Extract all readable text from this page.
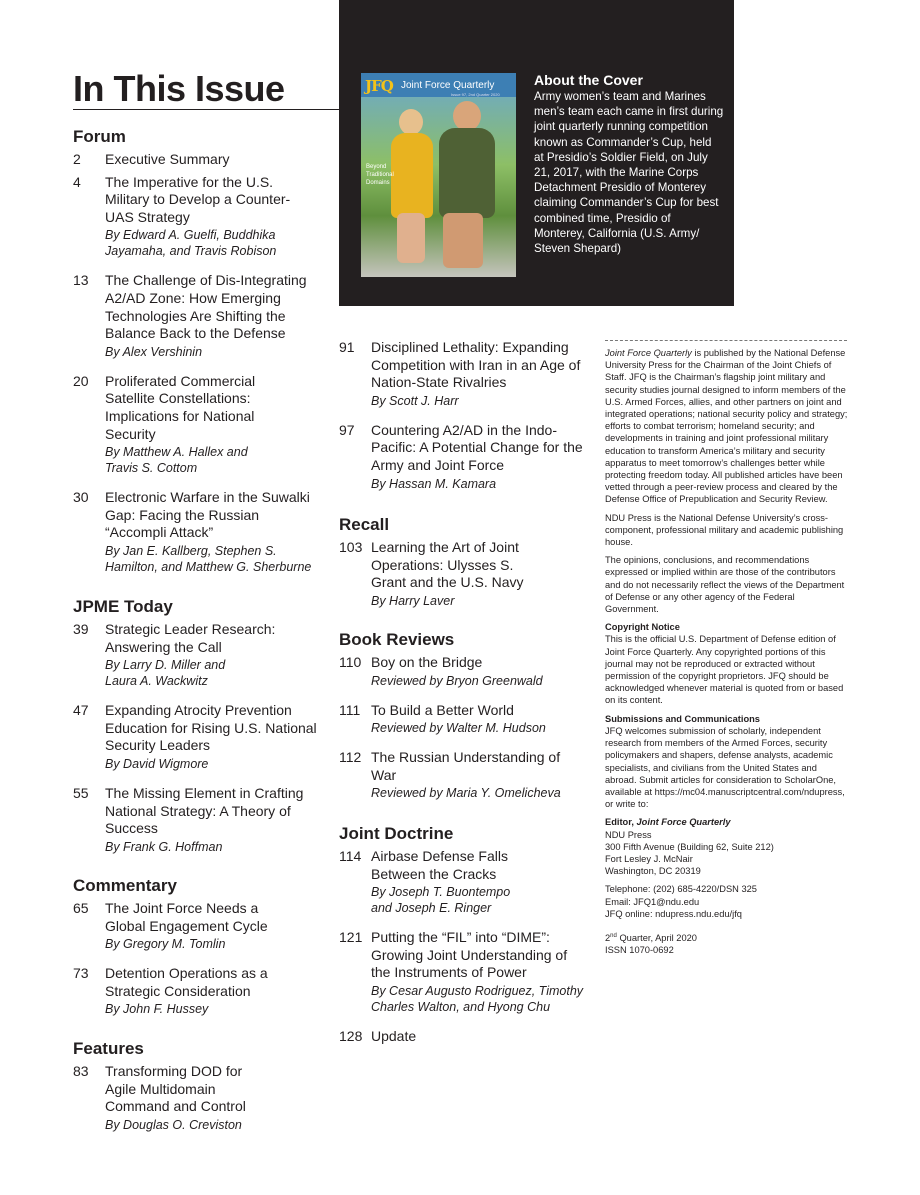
JFQ Joint Force Quarterly
Issue 97, 2nd Quarter 2020
Beyond Traditional Domains
About the Cover
Army women’s team and Marines men’s team each came in first during joint quarterly running competition known as Commander’s Cup, held at Presidio’s Soldier Field, on July 21, 2017, with the Marine Corps Detachment Presidio of Monterey claiming Commander’s Cup for best combined time, Presidio of Monterey, California (U.S. Army/ Steven Shepard)
In This Issue
Forum
2	Executive Summary
4	The Imperative for the U.S. Military to Develop a Counter-UAS Strategy
By Edward A. Guelfi, Buddhika Jayamaha, and Travis Robison
13	The Challenge of Dis-Integrating A2/AD Zone: How Emerging Technologies Are Shifting the Balance Back to the Defense
By Alex Vershinin
20	Proliferated Commercial Satellite Constellations: Implications for National Security
By Matthew A. Hallex and Travis S. Cottom
30	Electronic Warfare in the Suwalki Gap: Facing the Russian “Accompli Attack”
By Jan E. Kallberg, Stephen S. Hamilton, and Matthew G. Sherburne
JPME Today
39	Strategic Leader Research: Answering the Call
By Larry D. Miller and Laura A. Wackwitz
47	Expanding Atrocity Prevention Education for Rising U.S. National Security Leaders
By David Wigmore
55	The Missing Element in Crafting National Strategy: A Theory of Success
By Frank G. Hoffman
Commentary
65	The Joint Force Needs a Global Engagement Cycle
By Gregory M. Tomlin
73	Detention Operations as a Strategic Consideration
By John F. Hussey
Features
83	Transforming DOD for Agile Multidomain Command and Control
By Douglas O. Creviston
91	Disciplined Lethality: Expanding Competition with Iran in an Age of Nation-State Rivalries
By Scott J. Harr
97	Countering A2/AD in the Indo-Pacific: A Potential Change for the Army and Joint Force
By Hassan M. Kamara
Recall
103 Learning the Art of Joint Operations: Ulysses S. Grant and the U.S. Navy
By Harry Laver
Book Reviews
110 Boy on the Bridge
Reviewed by Bryon Greenwald
111 To Build a Better World
Reviewed by Walter M. Hudson
112 The Russian Understanding of War
Reviewed by Maria Y. Omelicheva
Joint Doctrine
114 Airbase Defense Falls Between the Cracks
By Joseph T. Buontempo and Joseph E. Ringer
121 Putting the “FIL” into “DIME”: Growing Joint Understanding of the Instruments of Power
By Cesar Augusto Rodriguez, Timothy Charles Walton, and Hyong Chu
128 Update

Joint Force Quarterly is published by the National Defense University Press for the Chairman of the Joint Chiefs of Staff. JFQ is the Chairman’s flagship joint military and security studies journal designed to inform members of the U.S. Armed Forces, allies, and other partners on joint and integrated operations; national security policy and strategy; efforts to combat terrorism; homeland security; and developments in training and joint professional military education to transform America’s military and security apparatus to meet tomorrow’s challenges better while protecting freedom today. All published articles have been vetted through a peer-review process and cleared by the Defense Office of Prepublication and Security Review.

NDU Press is the National Defense University’s cross-component, professional military and academic publishing house.

The opinions, conclusions, and recommendations expressed or implied within are those of the contributors and do not necessarily reflect the views of the Department of Defense or any other agency of the Federal Government.

Copyright Notice

This is the official U.S. Department of Defense edition of Joint Force Quarterly. Any copyrighted portions of this journal may not be reproduced or extracted without permission of the copyright proprietors. JFQ should be acknowledged whenever material is quoted from or based on its content.

Submissions and Communications

JFQ welcomes submission of scholarly, independent research from members of the Armed Forces, security policymakers and shapers, defense analysts, academic specialists, and civilians from the United States and abroad. Submit articles for consideration to ScholarOne, available at https://mc04.manuscriptcentral.com/ndupress, or write to:

Editor, Joint Force Quarterly

NDU Press
300 Fifth Avenue (Building 62, Suite 212)
Fort Lesley J. McNair
Washington, DC 20319

Telephone: (202) 685-4220/DSN 325
Email: JFQ1@ndu.edu
JFQ online: ndupress.ndu.edu/jfq

2nd Quarter, April 2020
ISSN 1070-0692
